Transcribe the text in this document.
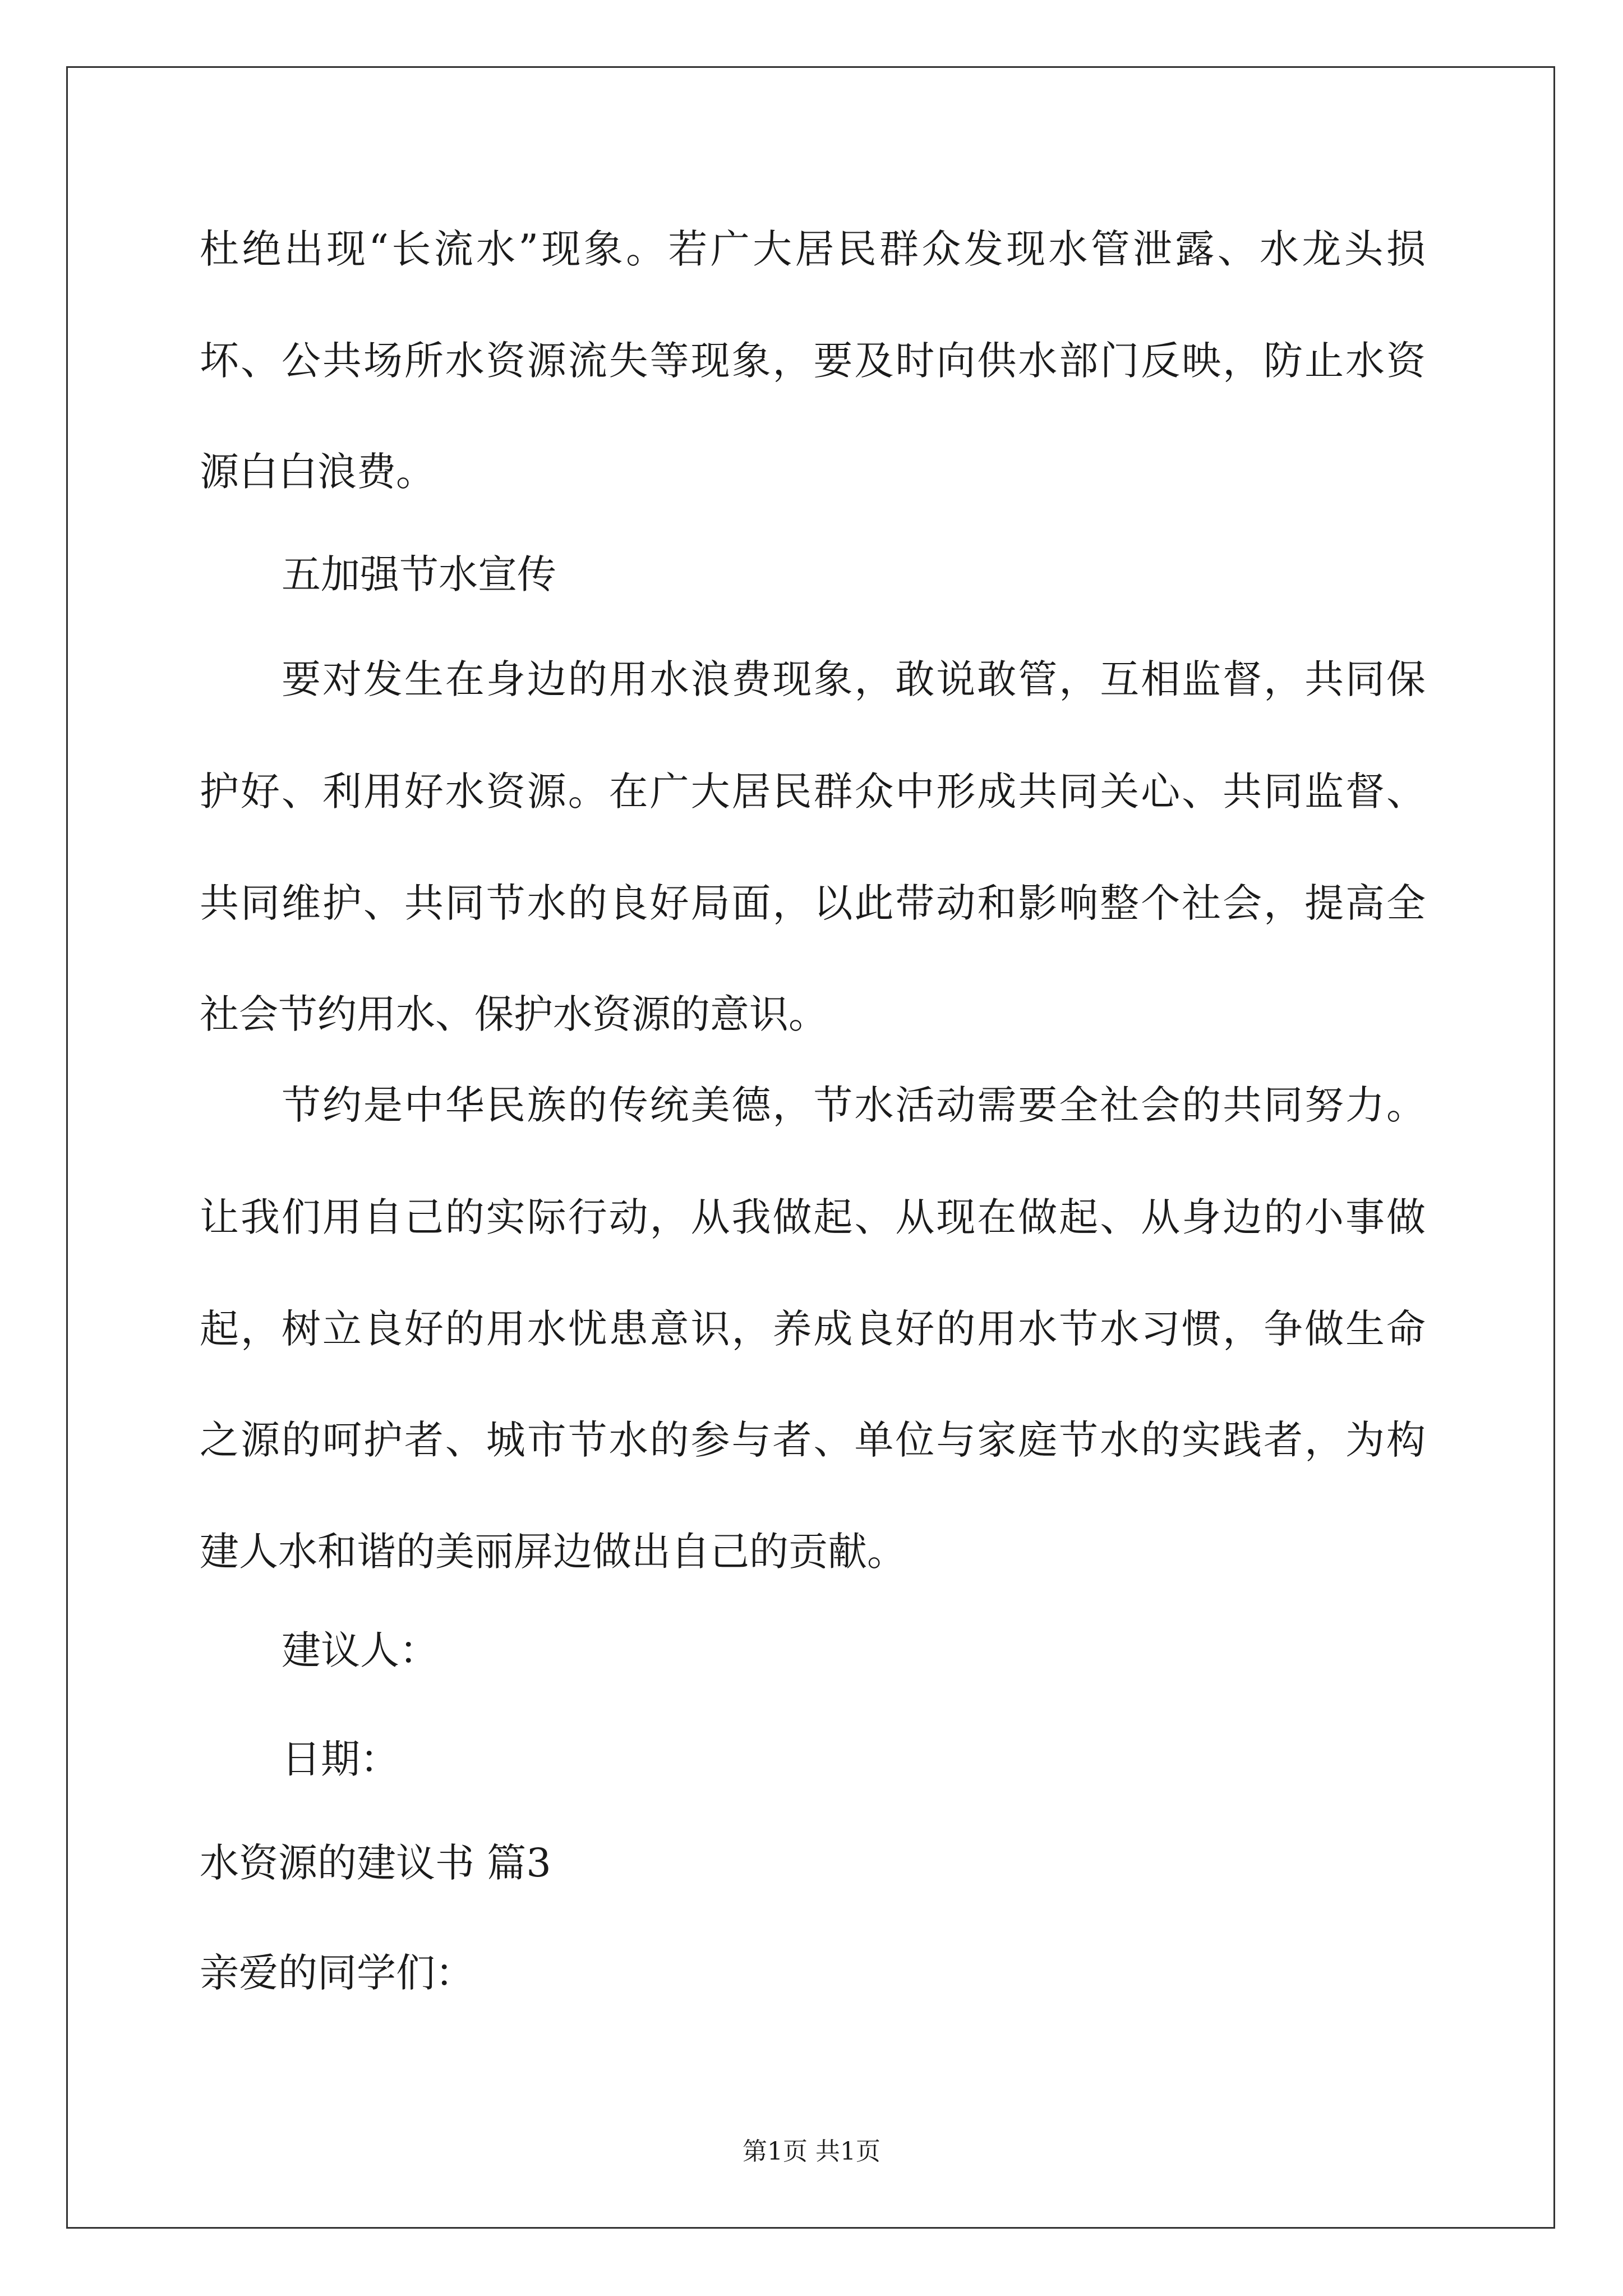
杜绝出现“长流水”现象。若广大居民群众发现水管泄露、水龙头损
坏、公共场所水资源流失等现象，要及时向供水部门反映，防止水资
源白白浪费。
五加强节水宣传
要对发生在身边的用水浪费现象，敢说敢管，互相监督，共同保
护好、利用好水资源。在广大居民群众中形成共同关心、共同监督、
共同维护、共同节水的良好局面，以此带动和影响整个社会，提高全
社会节约用水、保护水资源的意识。
节约是中华民族的传统美德，节水活动需要全社会的共同努力。
让我们用自己的实际行动，从我做起、从现在做起、从身边的小事做
起，树立良好的用水忧患意识，养成良好的用水节水习惯，争做生命
之源的呵护者、城市节水的参与者、单位与家庭节水的实践者，为构
建人水和谐的美丽屏边做出自己的贡献。
建议人：
日期：
水资源的建议书 篇3
亲爱的同学们：
第1页 共1页
